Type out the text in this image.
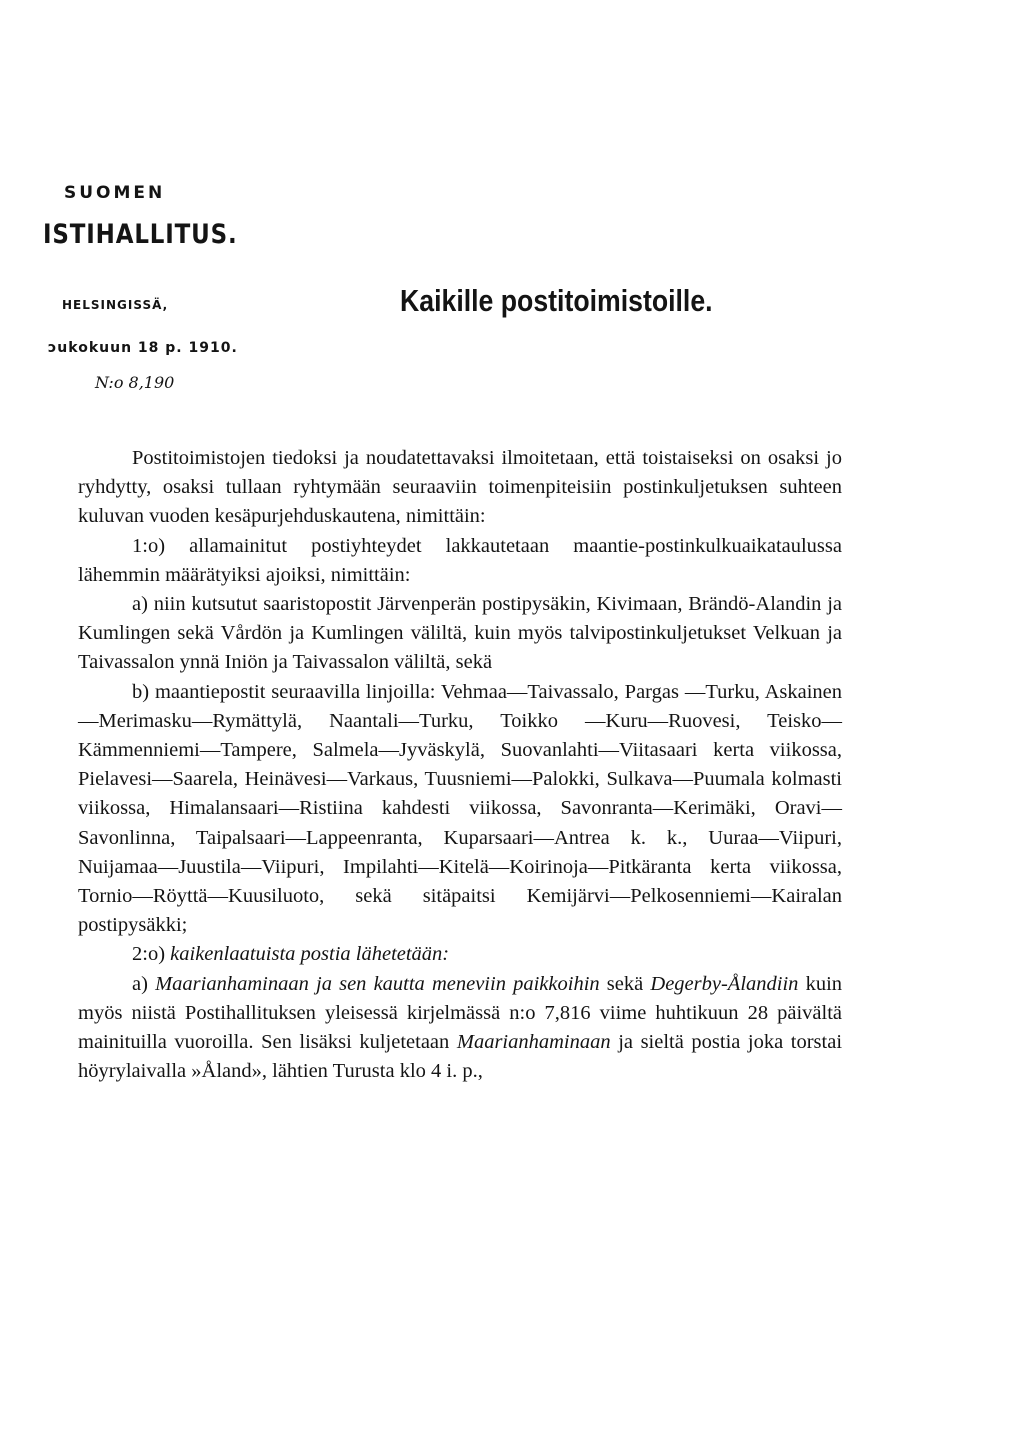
SUOMEN
ISTIHALLITUS.
HELSINGISSÄ,
ɔukokuun 18 p. 1910.
N:o 8,190
Kaikille postitoimistoille.

Postitoimistojen tiedoksi ja noudatettavaksi ilmoitetaan, että toistaiseksi on osaksi jo ryhdytty, osaksi tullaan ryhtymään seuraaviin toimenpiteisiin postinkuljetuksen suhteen kuluvan vuoden kesäpurjehduskautena, nimittäin:

1:o) allamainitut postiyhteydet lakkautetaan maantie-postinkulkuaikataulussa lähemmin määrätyiksi ajoiksi, nimittäin:

a) niin kutsutut saaristopostit Järvenperän postipysäkin, Kivimaan, Brändö-Alandin ja Kumlingen sekä Vårdön ja Kumlingen väliltä, kuin myös talvipostinkuljetukset Velkuan ja Taivassalon ynnä Iniön ja Taivassalon väliltä, sekä

b) maantiepostit seuraavilla linjoilla: Vehmaa—Taivassalo, Pargas —Turku, Askainen—Merimasku—Rymättylä, Naantali—Turku, Toikko —Kuru—Ruovesi, Teisko—Kämmenniemi—Tampere, Salmela—Jyväskylä, Suovanlahti—Viitasaari kerta viikossa, Pielavesi—Saarela, Heinävesi—Varkaus, Tuusniemi—Palokki, Sulkava—Puumala kolmasti viikossa, Himalansaari—Ristiina kahdesti viikossa, Savonranta—Kerimäki, Oravi—Savonlinna, Taipalsaari—Lappeenranta, Kuparsaari—Antrea k. k., Uuraa—Viipuri, Nuijamaa—Juustila—Viipuri, Impilahti—Kitelä—Koirinoja—Pitkäranta kerta viikossa, Tornio—Röyttä—Kuusiluoto, sekä sitäpaitsi Kemijärvi—Pelkosenniemi—Kairalan postipysäkki;

2:o) kaikenlaatuista postia lähetetään:

a) Maarianhaminaan ja sen kautta meneviin paikkoihin sekä Degerby-Ålandiin kuin myös niistä Postihallituksen yleisessä kirjelmässä n:o 7,816 viime huhtikuun 28 päivältä mainituilla vuoroilla. Sen lisäksi kuljetetaan Maarianhaminaan ja sieltä postia joka torstai höyrylaivalla »Åland», lähtien Turusta klo 4 i. p.,
